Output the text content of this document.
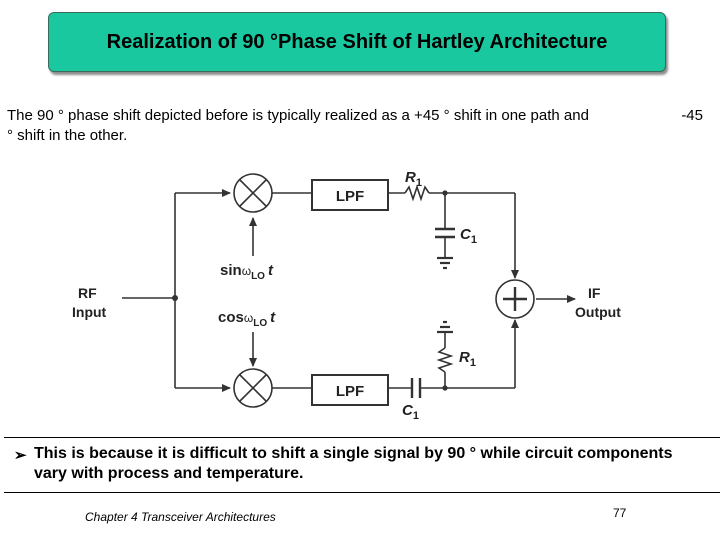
Realization of 90 °Phase Shift of Hartley Architecture
The 90 ° phase shift depicted before is typically realized as a +45 ° shift in one path and	-45
° shift in the other.
LPF
LPF
RF
Input
IF
Output
$R_1$
$C_1$
$R_1$
$C_1$
sinω$_{LO}$ t
cosω$_{LO}$ t
➢ This is because it is difficult to shift a single signal by 90 ° while circuit components vary with process and temperature.
Chapter 4 Transceiver Architectures	77
